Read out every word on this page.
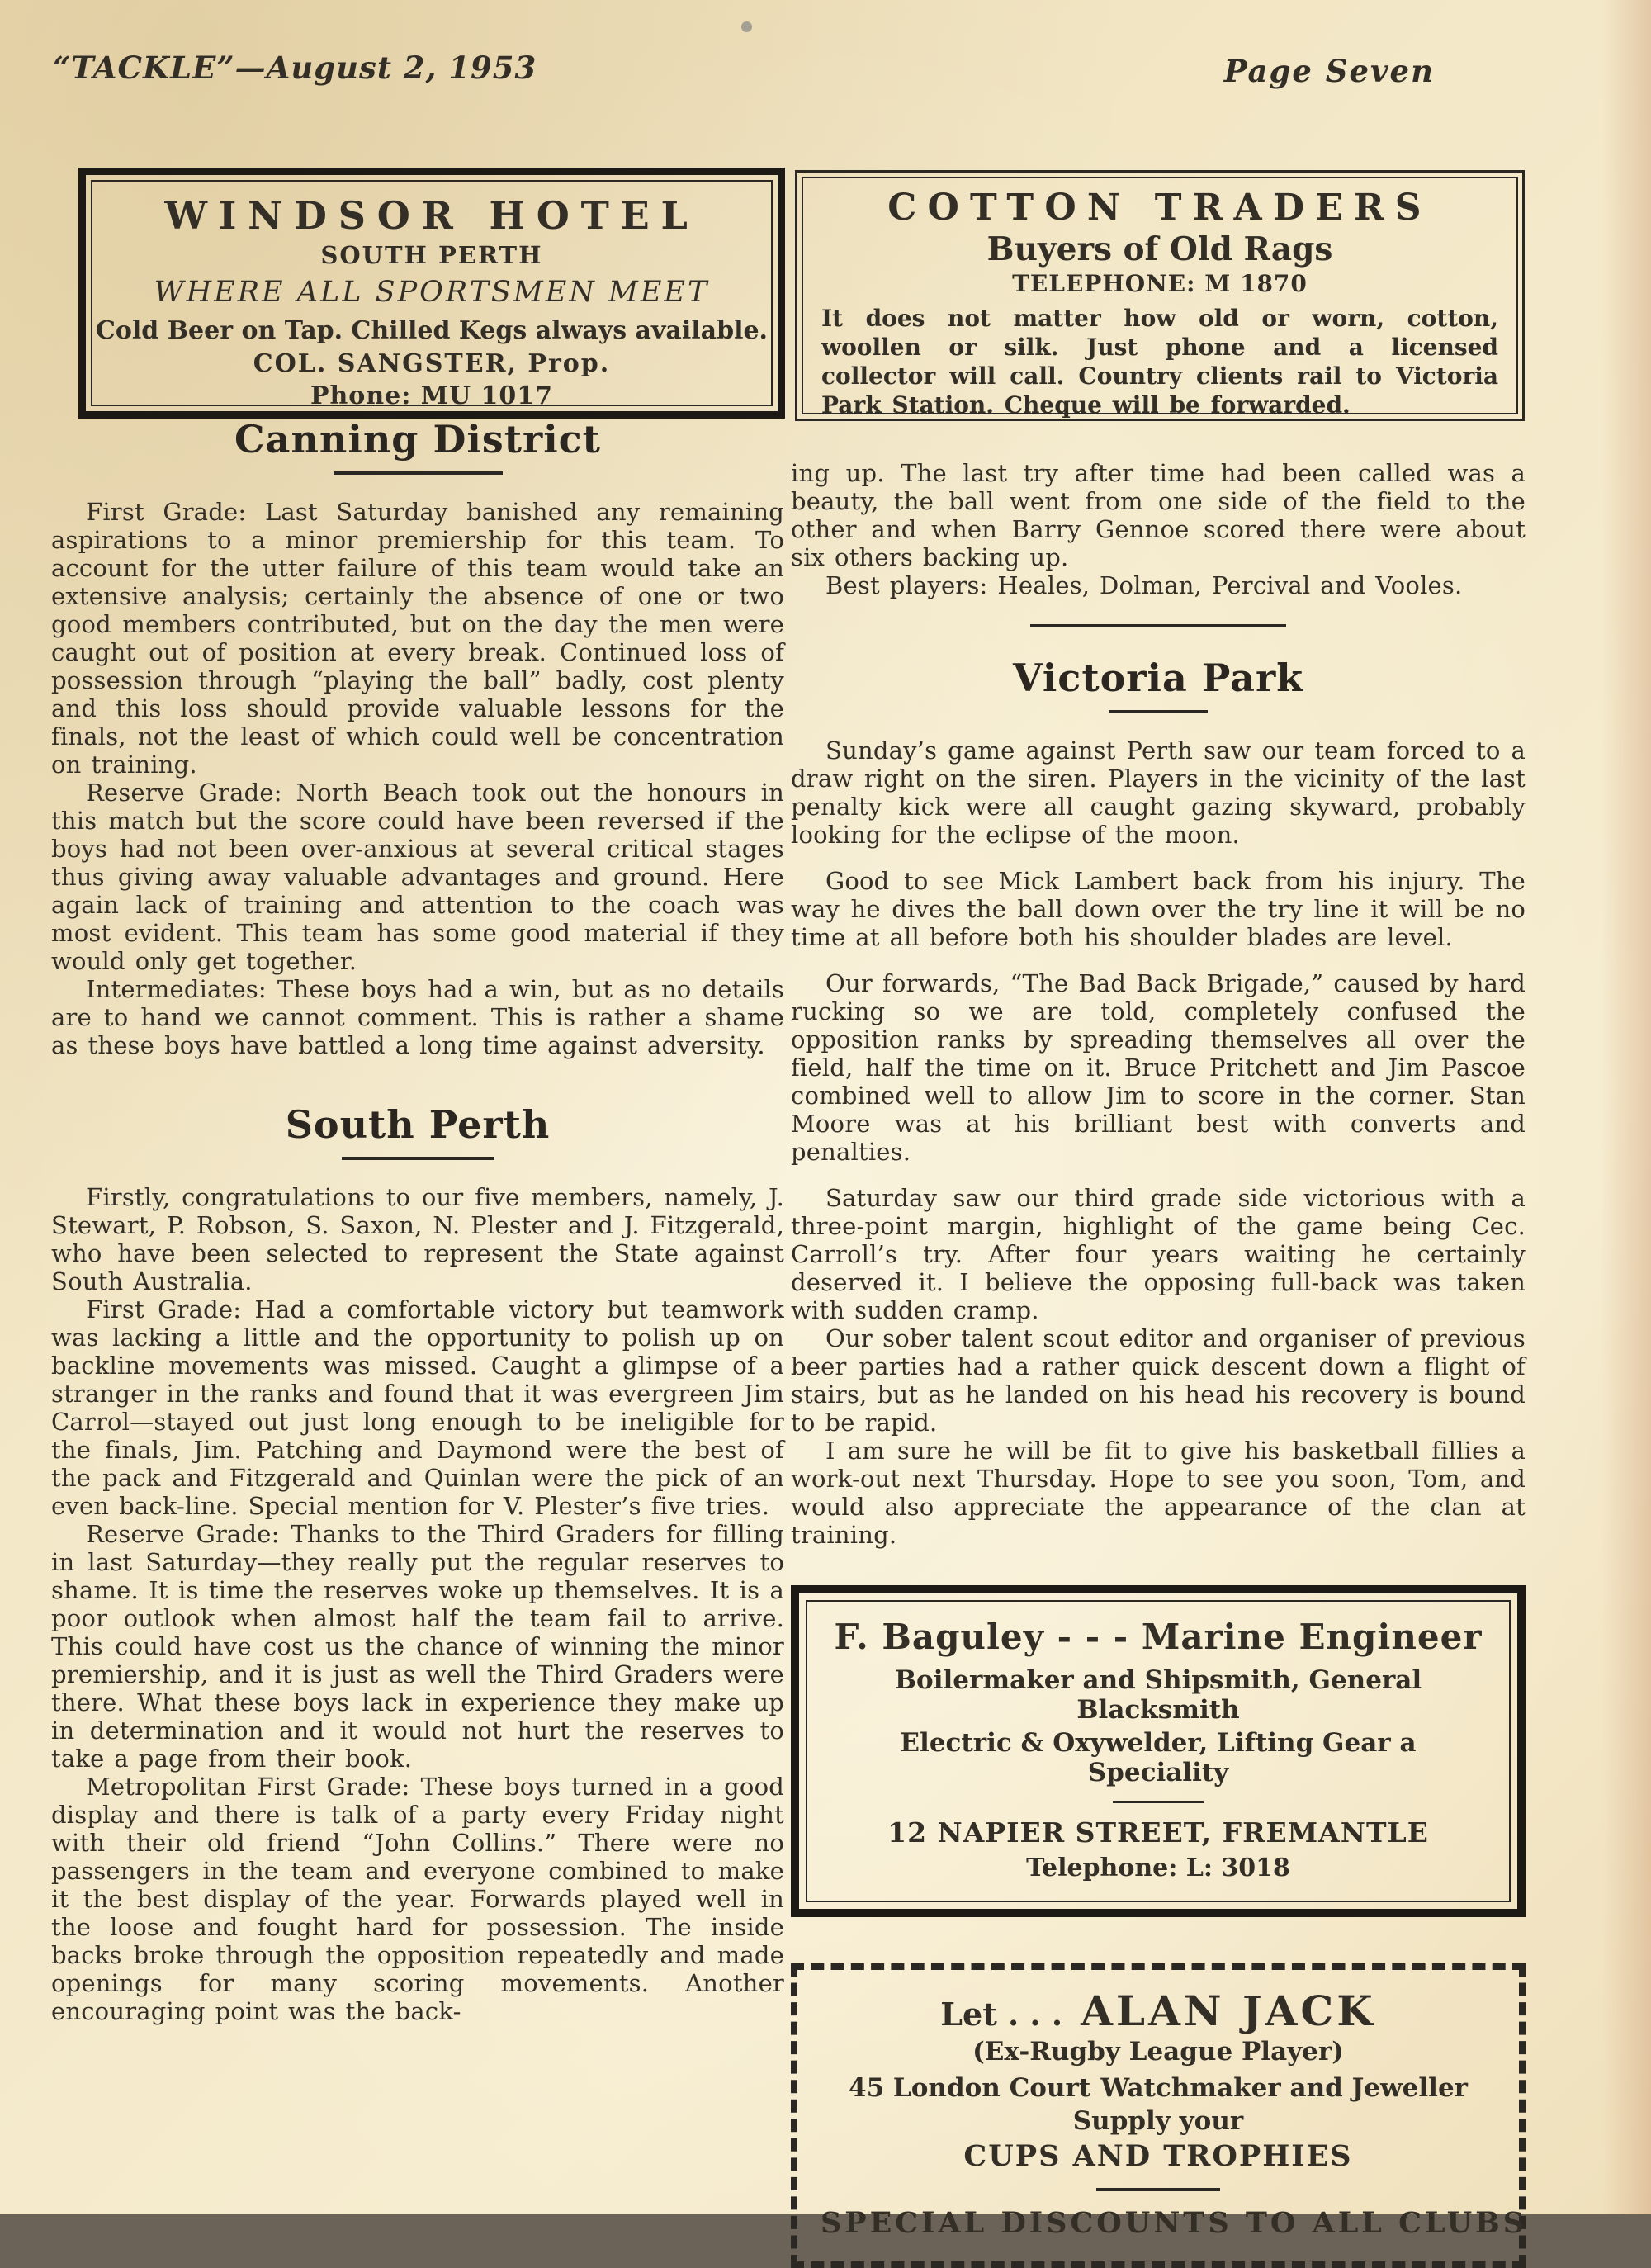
“TACKLE”—August 2, 1953	Page Seven
WINDSOR HOTEL
SOUTH PERTH
WHERE ALL SPORTSMEN MEET
Cold Beer on Tap. Chilled Kegs always available.
COL. SANGSTER, Prop.
Phone: MU 1017
COTTON TRADERS
Buyers of Old Rags
TELEPHONE: M 1870
It does not matter how old or worn, cotton, woollen or silk. Just phone and a licensed collector will call. Country clients rail to Victoria Park Station. Cheque will be forwarded.
Canning District

First Grade: Last Saturday banished any remaining aspirations to a minor premiership for this team. To account for the utter failure of this team would take an extensive analysis; certainly the absence of one or two good members contributed, but on the day the men were caught out of position at every break. Continued loss of possession through “playing the ball” badly, cost plenty and this loss should provide valuable lessons for the finals, not the least of which could well be concentration on training.

Reserve Grade: North Beach took out the honours in this match but the score could have been reversed if the boys had not been over-anxious at several critical stages thus giving away valuable advantages and ground. Here again lack of training and attention to the coach was most evident. This team has some good material if they would only get together.

Intermediates: These boys had a win, but as no details are to hand we cannot comment. This is rather a shame as these boys have battled a long time against adversity.

South Perth

Firstly, congratulations to our five members, namely, J. Stewart, P. Robson, S. Saxon, N. Plester and J. Fitzgerald, who have been selected to represent the State against South Australia.

First Grade: Had a comfortable victory but teamwork was lacking a little and the opportunity to polish up on backline movements was missed. Caught a glimpse of a stranger in the ranks and found that it was evergreen Jim Carrol—stayed out just long enough to be ineligible for the finals, Jim. Patching and Daymond were the best of the pack and Fitzgerald and Quinlan were the pick of an even back-line. Special mention for V. Plester’s five tries.

Reserve Grade: Thanks to the Third Graders for filling in last Saturday—they really put the regular reserves to shame. It is time the reserves woke up themselves. It is a poor outlook when almost half the team fail to arrive. This could have cost us the chance of winning the minor premiership, and it is just as well the Third Graders were there. What these boys lack in experience they make up in determination and it would not hurt the reserves to take a page from their book.

Metropolitan First Grade: These boys turned in a good display and there is talk of a party every Friday night with their old friend “John Collins.” There were no passengers in the team and everyone combined to make it the best display of the year. Forwards played well in the loose and fought hard for possession. The inside backs broke through the opposition repeatedly and made openings for many scoring movements. Another encouraging point was the back-

ing up. The last try after time had been called was a beauty, the ball went from one side of the field to the other and when Barry Gennoe scored there were about six others backing up.

Best players: Heales, Dolman, Percival and Vooles.

Victoria Park

Sunday’s game against Perth saw our team forced to a draw right on the siren. Players in the vicinity of the last penalty kick were all caught gazing skyward, probably looking for the eclipse of the moon.

Good to see Mick Lambert back from his injury. The way he dives the ball down over the try line it will be no time at all before both his shoulder blades are level.

Our forwards, “The Bad Back Brigade,” caused by hard rucking so we are told, completely confused the opposition ranks by spreading themselves all over the field, half the time on it. Bruce Pritchett and Jim Pascoe combined well to allow Jim to score in the corner. Stan Moore was at his brilliant best with converts and penalties.

Saturday saw our third grade side victorious with a three-point margin, highlight of the game being Cec. Carroll’s try. After four years waiting he certainly deserved it. I believe the opposing full-back was taken with sudden cramp.

Our sober talent scout editor and organiser of previous beer parties had a rather quick descent down a flight of stairs, but as he landed on his head his recovery is bound to be rapid.

I am sure he will be fit to give his basketball fillies a work-out next Thursday. Hope to see you soon, Tom, and would also appreciate the appearance of the clan at training.

F. Baguley - - - Marine Engineer
Boilermaker and Shipsmith, General Blacksmith
Electric & Oxywelder, Lifting Gear a Speciality
12 NAPIER STREET, FREMANTLE
Telephone: L: 3018
Let . . . ALAN JACK
(Ex-Rugby League Player)
45 London Court Watchmaker and Jeweller
Supply your
CUPS AND TROPHIES
SPECIAL DISCOUNTS TO ALL CLUBS
